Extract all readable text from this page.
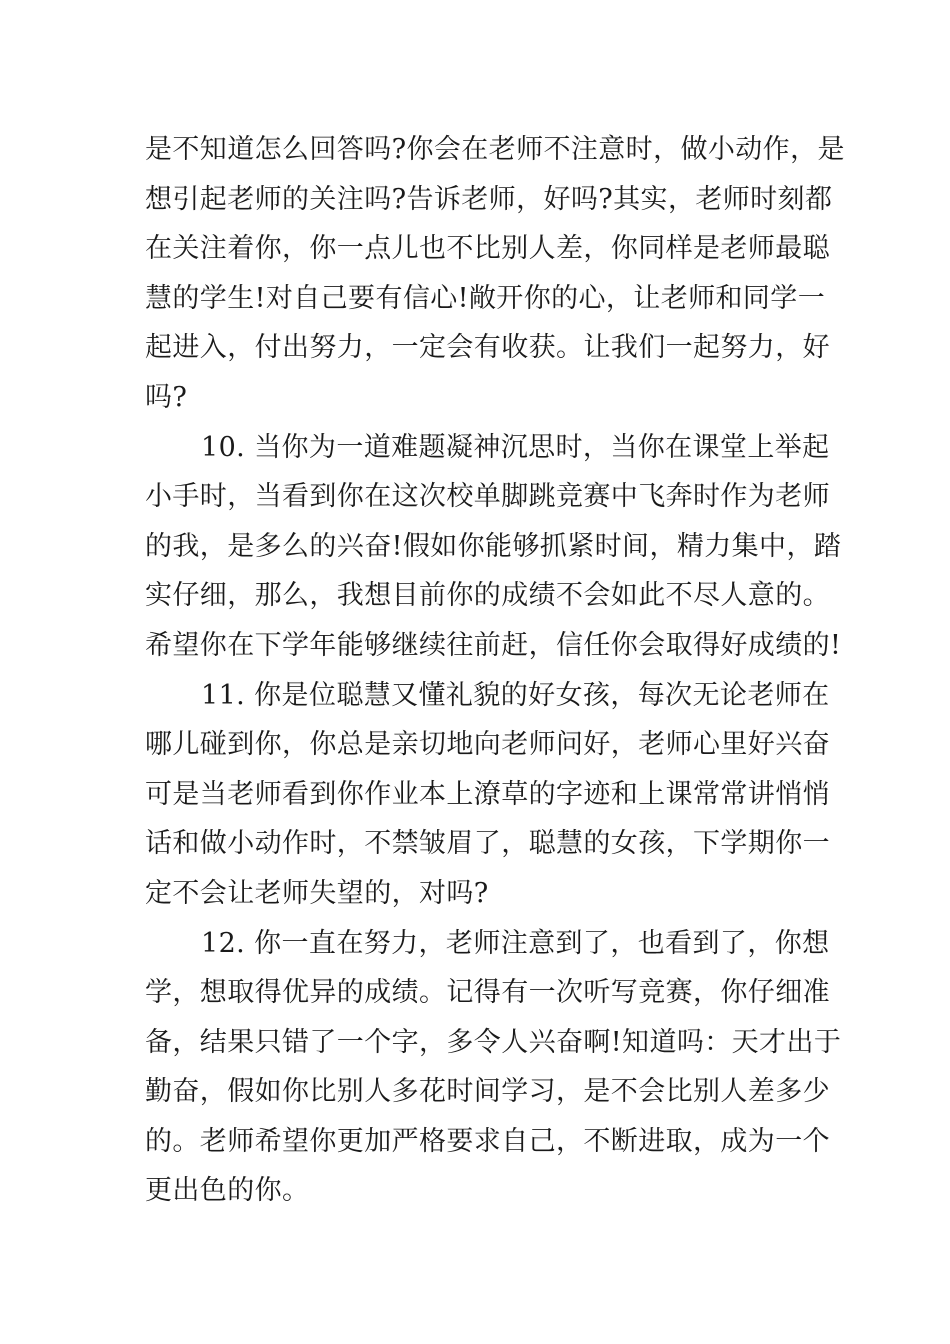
是不知道怎么回答吗?你会在老师不注意时，做小动作，是
想引起老师的关注吗?告诉老师，好吗?其实，老师时刻都
在关注着你，你一点儿也不比别人差，你同样是老师最聪
慧的学生!对自己要有信心!敞开你的心，让老师和同学一
起进入，付出努力，一定会有收获。让我们一起努力，好
吗?
10. 当你为一道难题凝神沉思时，当你在课堂上举起
小手时，当看到你在这次校单脚跳竞赛中飞奔时作为老师
的我，是多么的兴奋!假如你能够抓紧时间，精力集中，踏
实仔细，那么，我想目前你的成绩不会如此不尽人意的。
希望你在下学年能够继续往前赶，信任你会取得好成绩的!
11. 你是位聪慧又懂礼貌的好女孩，每次无论老师在
哪儿碰到你，你总是亲切地向老师问好，老师心里好兴奋
可是当老师看到你作业本上潦草的字迹和上课常常讲悄悄
话和做小动作时，不禁皱眉了，聪慧的女孩，下学期你一
定不会让老师失望的，对吗?
12. 你一直在努力，老师注意到了，也看到了，你想
学，想取得优异的成绩。记得有一次听写竞赛，你仔细准
备，结果只错了一个字，多令人兴奋啊!知道吗：天才出于
勤奋，假如你比别人多花时间学习，是不会比别人差多少
的。老师希望你更加严格要求自己，不断进取，成为一个
更出色的你。
